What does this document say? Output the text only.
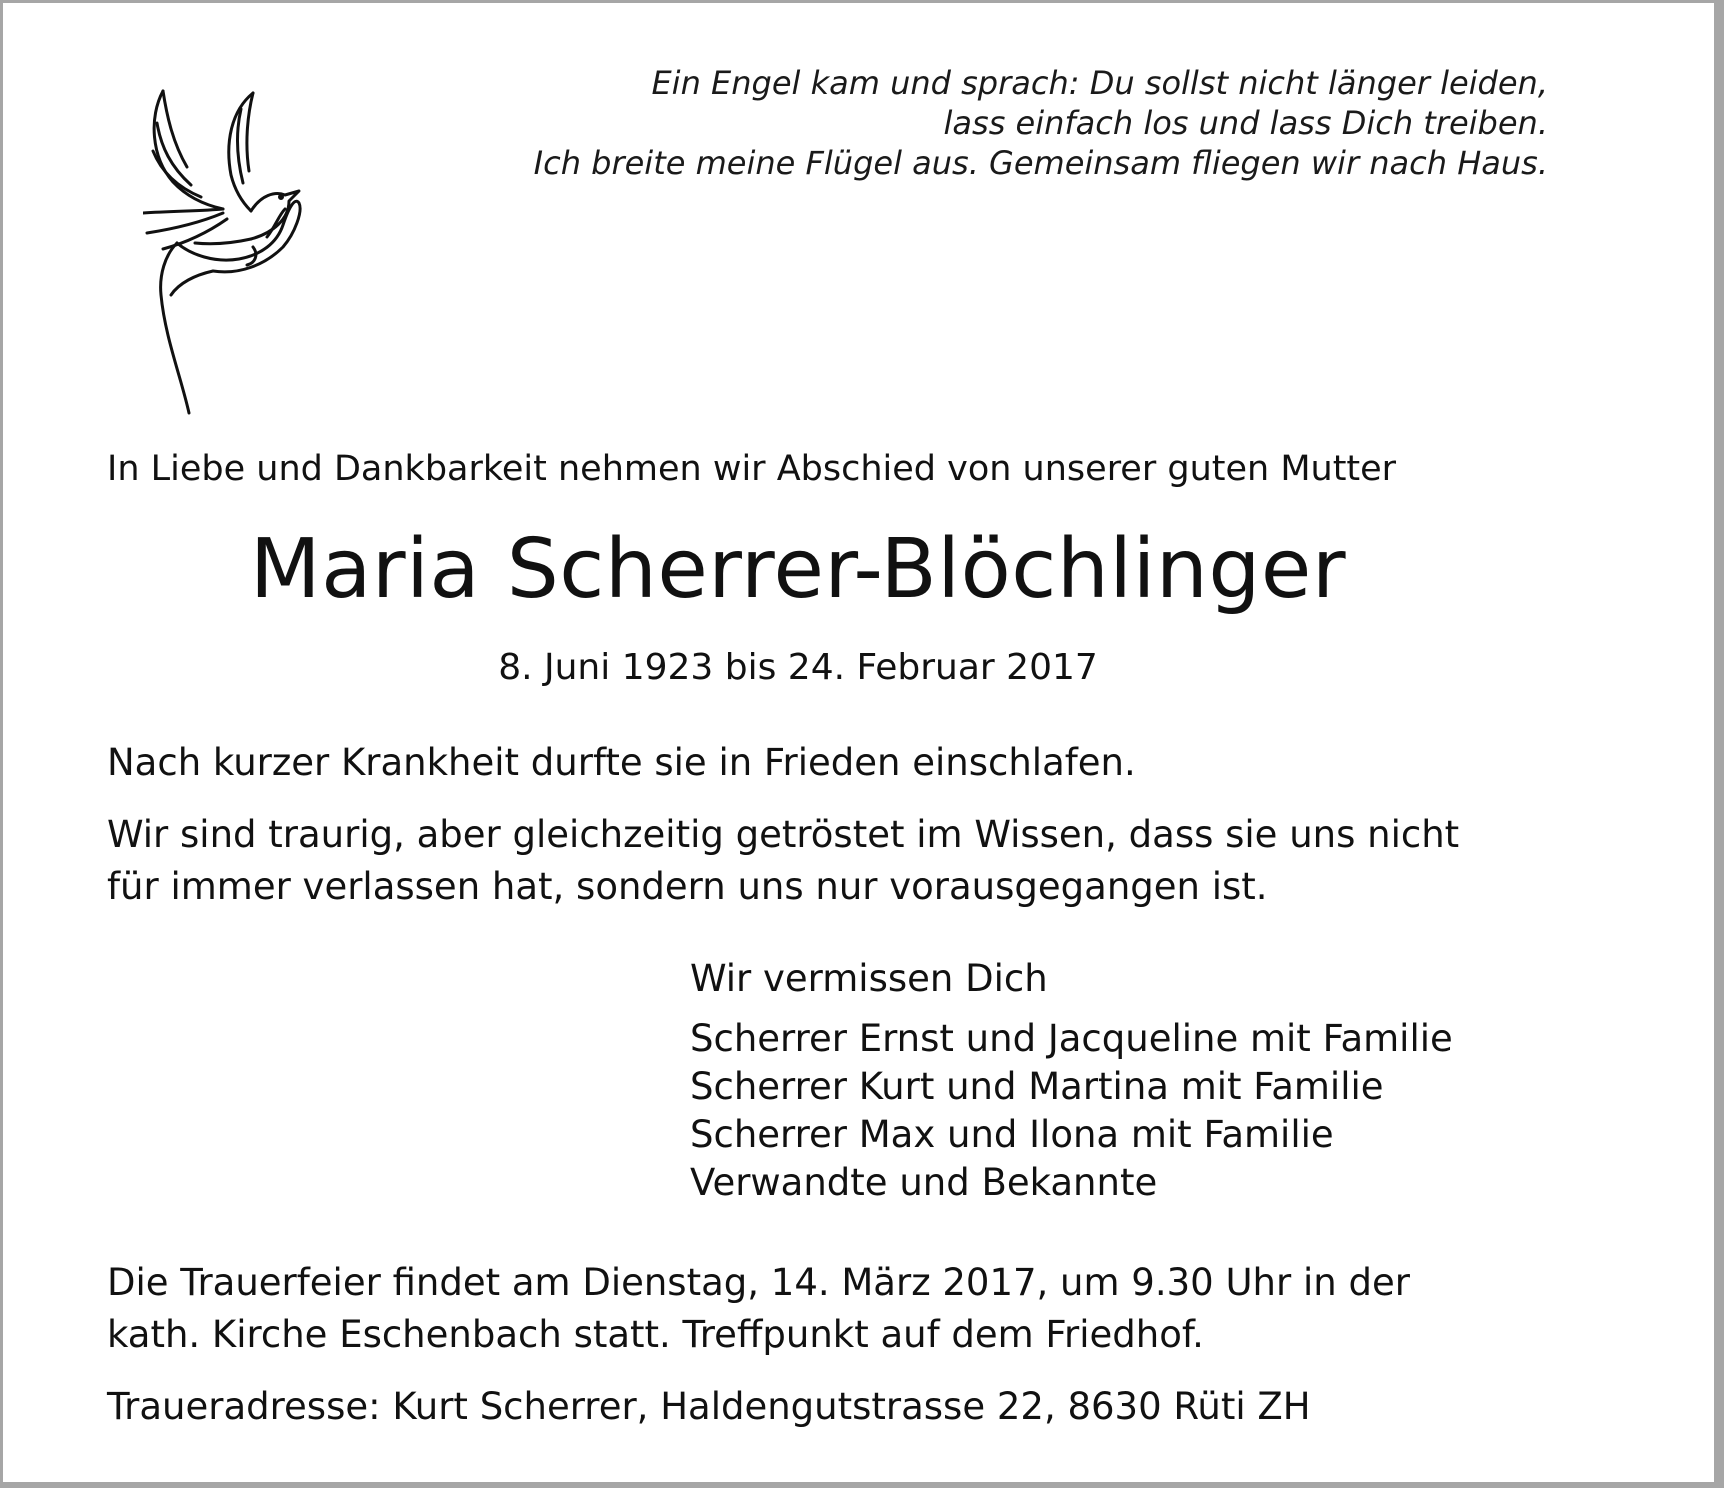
Ein Engel kam und sprach: Du sollst nicht länger leiden,
lass einfach los und lass Dich treiben.
Ich breite meine Flügel aus. Gemeinsam fliegen wir nach Haus.
In Liebe und Dankbarkeit nehmen wir Abschied von unserer guten Mutter
Maria Scherrer-Blöchlinger
8. Juni 1923 bis 24. Februar 2017
Nach kurzer Krankheit durfte sie in Frieden einschlafen.
Wir sind traurig, aber gleichzeitig getröstet im Wissen, dass sie uns nicht
für immer verlassen hat, sondern uns nur vorausgegangen ist.
Wir vermissen Dich
Scherrer Ernst und Jacqueline mit Familie
Scherrer Kurt und Martina mit Familie
Scherrer Max und Ilona mit Familie
Verwandte und Bekannte
Die Trauerfeier findet am Dienstag, 14. März 2017, um 9.30 Uhr in der
kath. Kirche Eschenbach statt. Treffpunkt auf dem Friedhof.
Traueradresse: Kurt Scherrer, Haldengutstrasse 22, 8630 Rüti ZH
